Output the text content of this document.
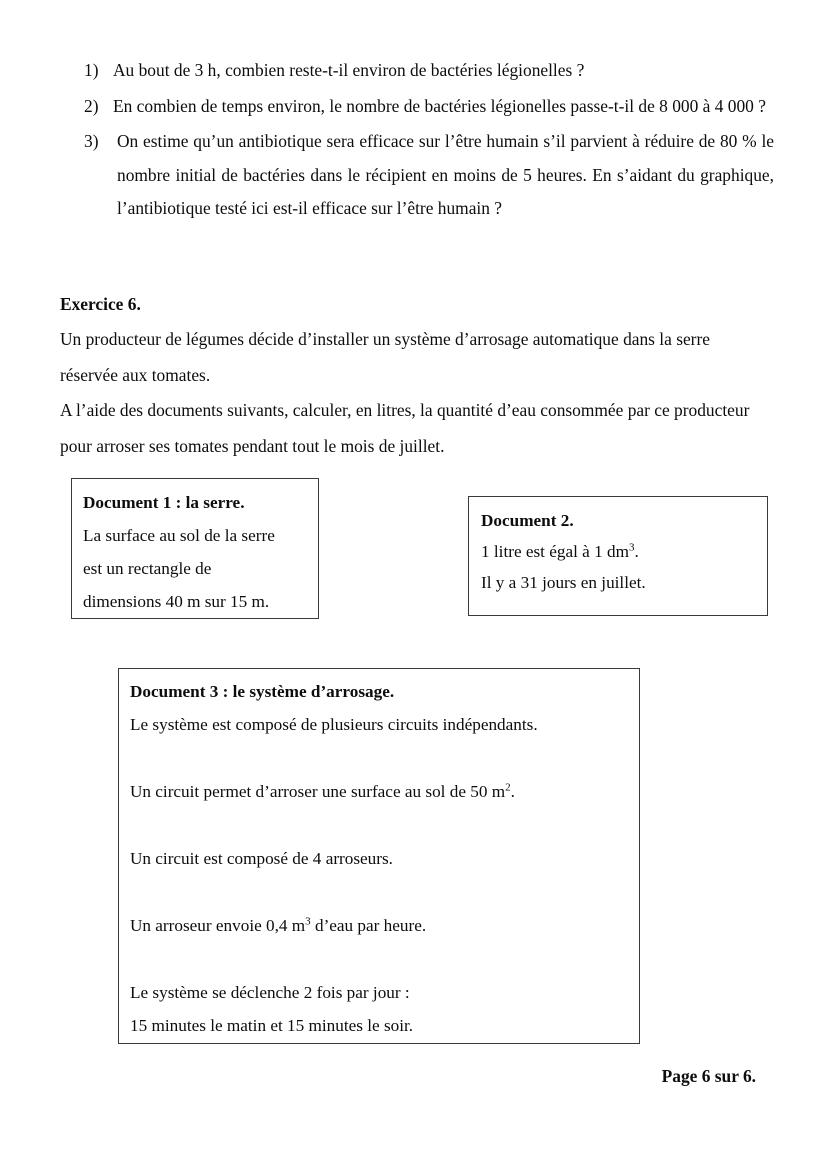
1) Au bout de 3 h, combien reste-t-il environ de bactéries légionelles ?
2) En combien de temps environ, le nombre de bactéries légionelles passe-t-il de 8 000 à 4 000 ?
3)	On estime qu’un antibiotique sera efficace sur l’être humain s’il parvient à réduire de 80 % le nombre initial de bactéries dans le récipient en moins de 5 heures. En s’aidant du graphique, l’antibiotique testé ici est-il efficace sur l’être humain ?
Exercice 6.

Un producteur de légumes décide d’installer un système d’arrosage automatique dans la serre réservée aux tomates.

A l’aide des documents suivants, calculer, en litres, la quantité d’eau consommée par ce producteur pour arroser ses tomates pendant tout le mois de juillet.

Document 1 : la serre.
La surface au sol de la serre
est un rectangle de
dimensions 40 m sur 15 m.
Document 2.
1 litre est égal à 1 $dm^3$.
Il y a 31 jours en juillet.
Document 3 : le système d’arrosage.
Le système est composé de plusieurs circuits indépendants.
Un circuit permet d’arroser une surface au sol de 50 $m^2$.
Un circuit est composé de 4 arroseurs.
Un arroseur envoie 0,4 $m^3$ d’eau par heure.
Le système se déclenche 2 fois par jour :
15 minutes le matin et 15 minutes le soir.
Page 6 sur 6.
